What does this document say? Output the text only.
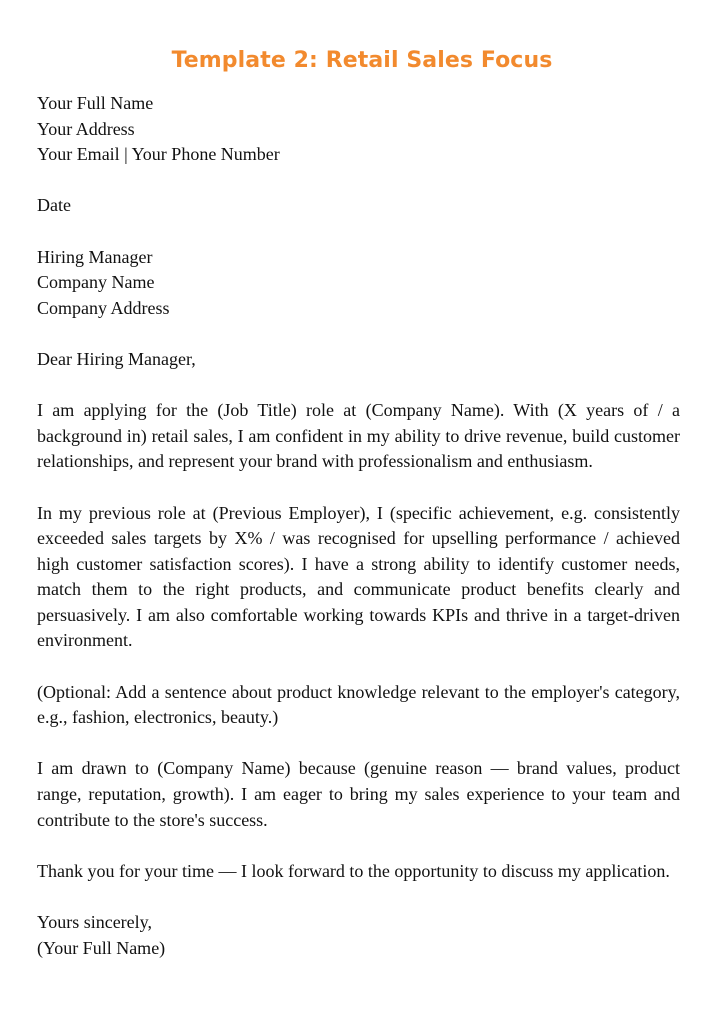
Template 2: Retail Sales Focus
Your Full Name
Your Address
Your Email | Your Phone Number
Date
Hiring Manager
Company Name
Company Address
Dear Hiring Manager,
I am applying for the (Job Title) role at (Company Name). With (X years of / a background in) retail sales, I am confident in my ability to drive revenue, build customer relationships, and represent your brand with professionalism and enthusiasm.
In my previous role at (Previous Employer), I (specific achievement, e.g. consistently exceeded sales targets by X% / was recognised for upselling performance / achieved high customer satisfaction scores). I have a strong ability to identify customer needs, match them to the right products, and communicate product benefits clearly and persuasively. I am also comfortable working towards KPIs and thrive in a target-driven environment.
(Optional: Add a sentence about product knowledge relevant to the employer's category, e.g., fashion, electronics, beauty.)
I am drawn to (Company Name) because (genuine reason — brand values, product range, reputation, growth). I am eager to bring my sales experience to your team and contribute to the store's success.
Thank you for your time — I look forward to the opportunity to discuss my application.
Yours sincerely,
(Your Full Name)
